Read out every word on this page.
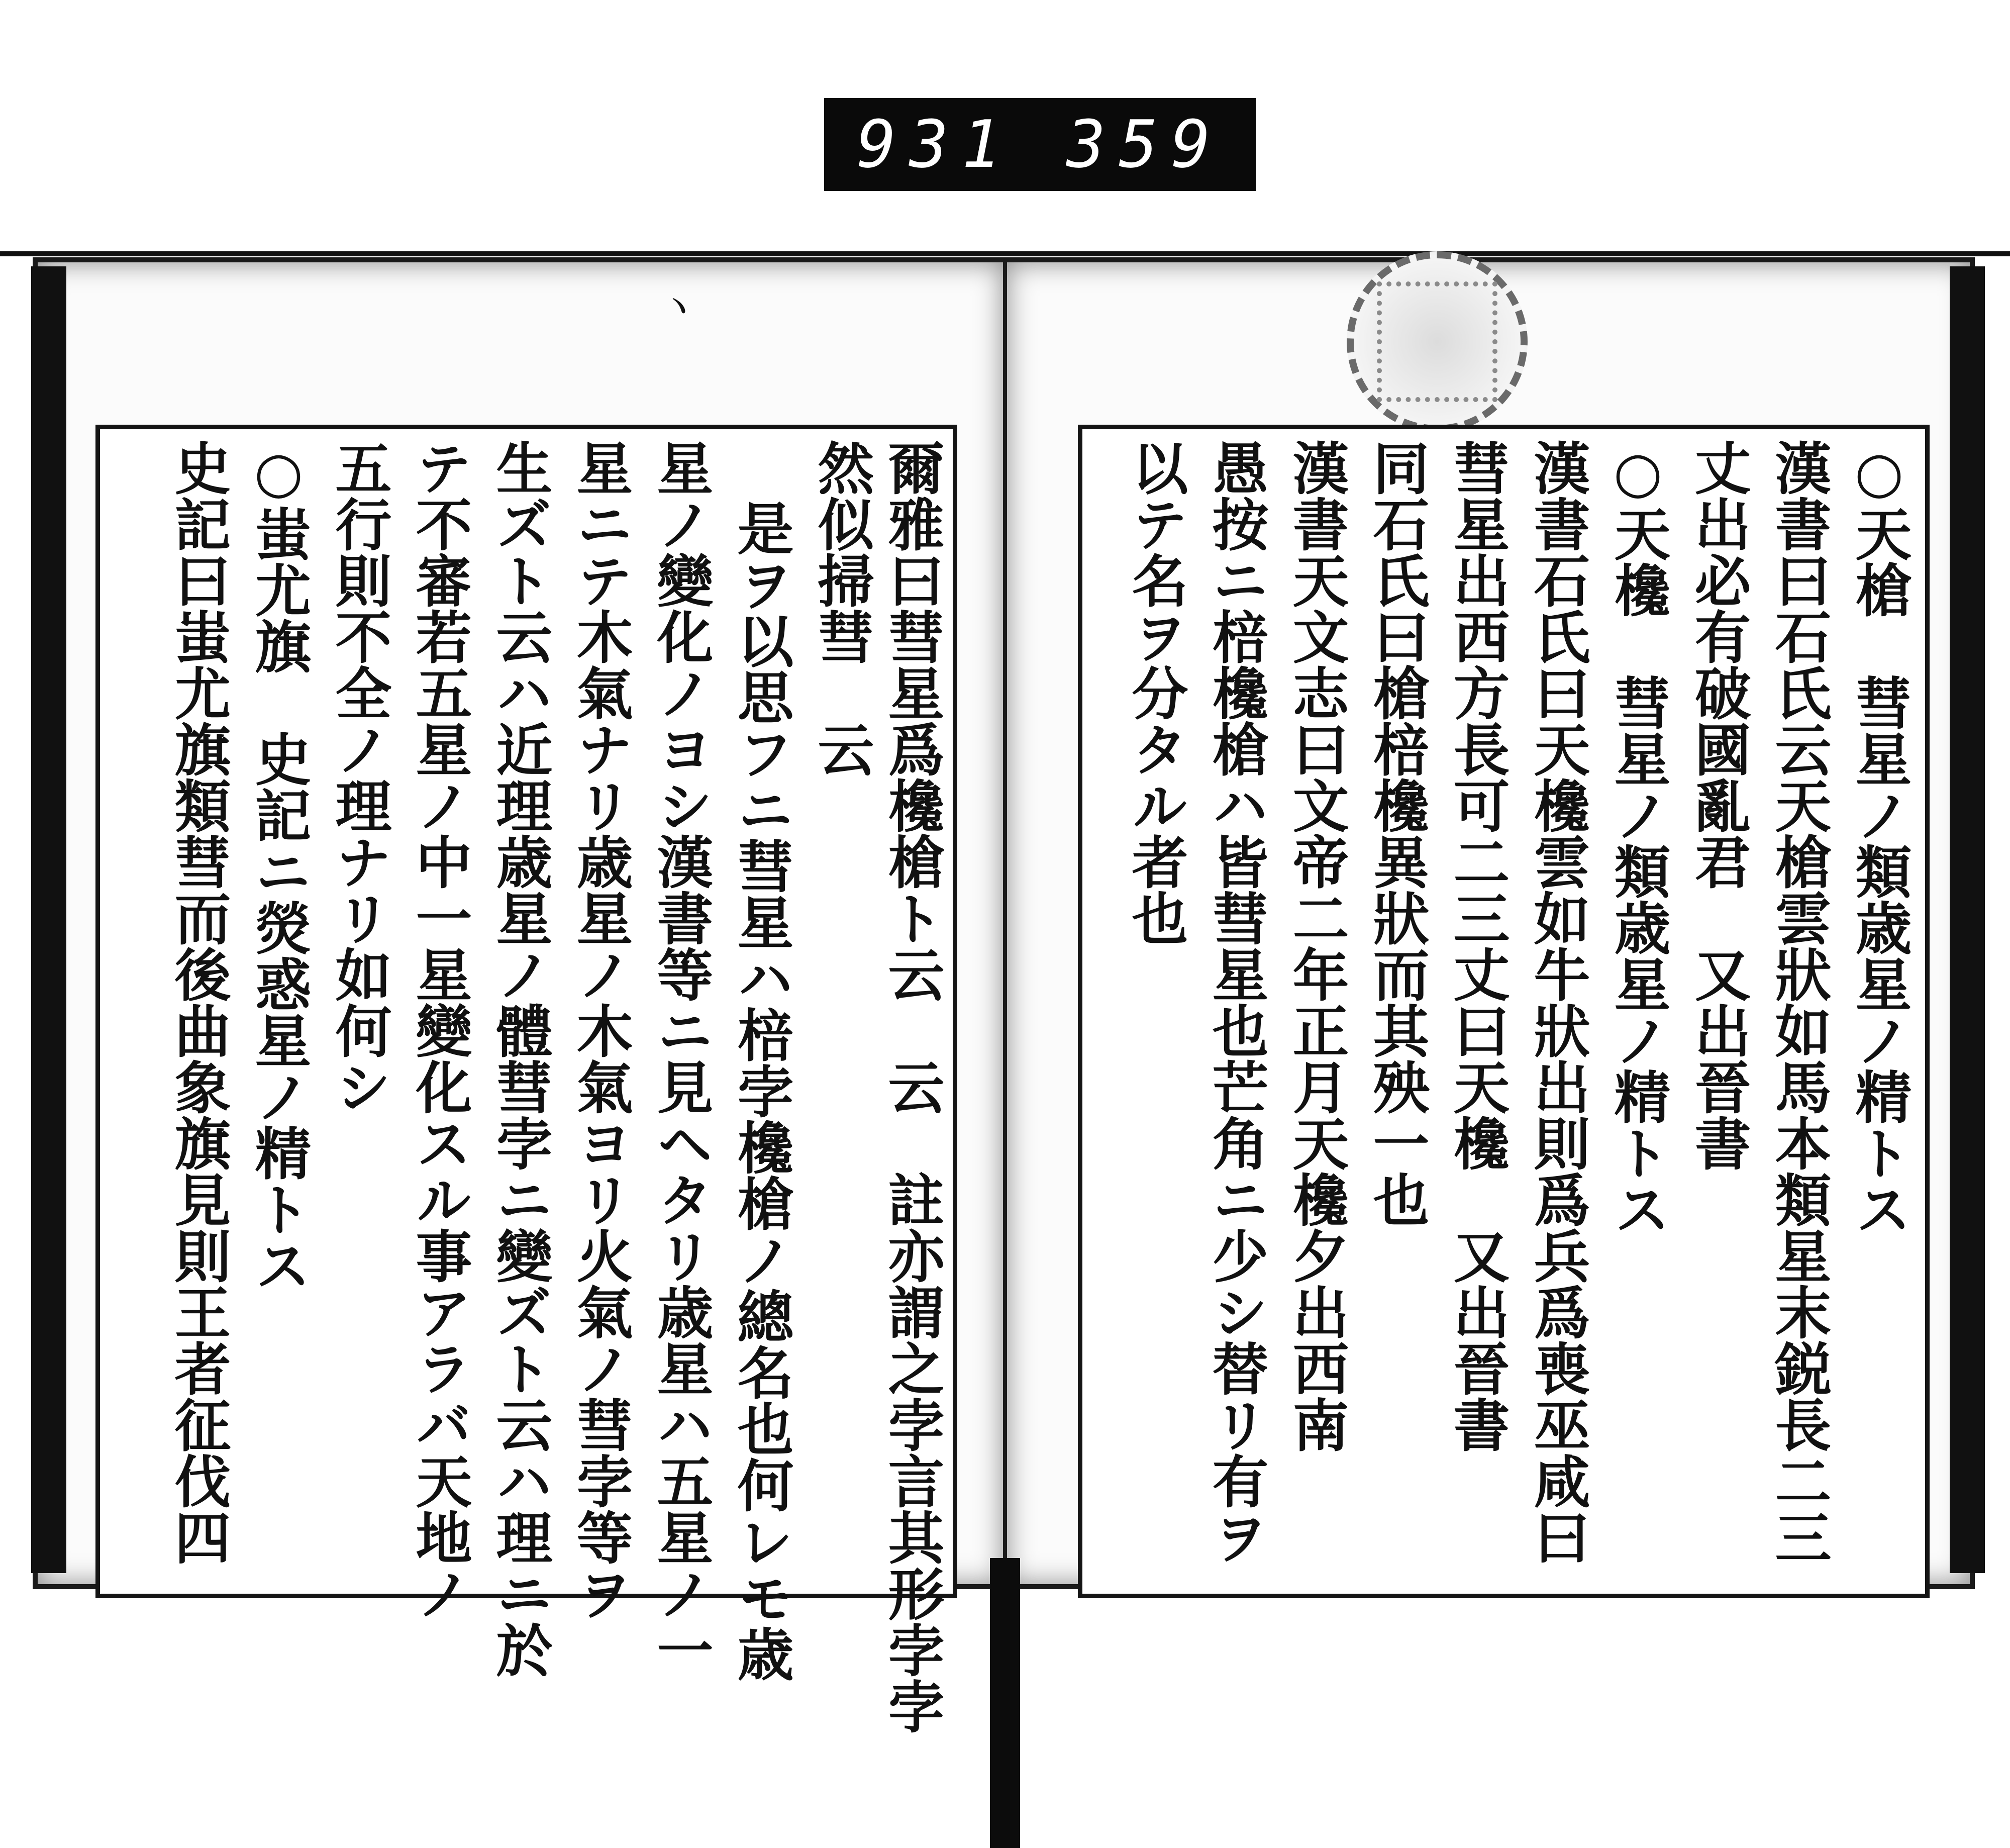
931 359
ヽ
爾雅曰彗星爲欃槍ト云　云　註亦謂之孛言其形孛孛
然似掃彗　云
是ヲ以思フニ彗星ハ棓孛欃槍ノ總名也何レモ歳
星ノ變化ノヨシ漢書等ニ見ヘタリ歳星ハ五星ノ一
星ニテ木氣ナリ歳星ノ木氣ヨリ火氣ノ彗孛等ヲ
生ズト云ハ近理歳星ノ體彗孛ニ變ズト云ハ理ニ於
テ不審若五星ノ中一星變化スル事アラバ天地ノ
五行則不全ノ理ナリ如何シ
○蚩尤旗　史記ニ熒惑星ノ精トス
史記曰蚩尤旗類彗而後曲象旗見則王者征伐四	○天槍　彗星ノ類歳星ノ精トス
漢書曰石氏云天槍雲狀如馬本類星末鋭長二三
丈出必有破國亂君　又出晉書
○天欃　彗星ノ類歳星ノ精トス
漢書石氏曰天欃雲如牛狀出則爲兵爲喪巫咸曰
彗星出西方長可二三丈曰天欃　又出晉書
同石氏曰槍棓欃異狀而其殃一也
漢書天文志曰文帝二年正月天欃夕出西南
愚按ニ棓欃槍ハ皆彗星也芒角ニ少シ替リ有ヲ
以テ名ヲ分タル者也
